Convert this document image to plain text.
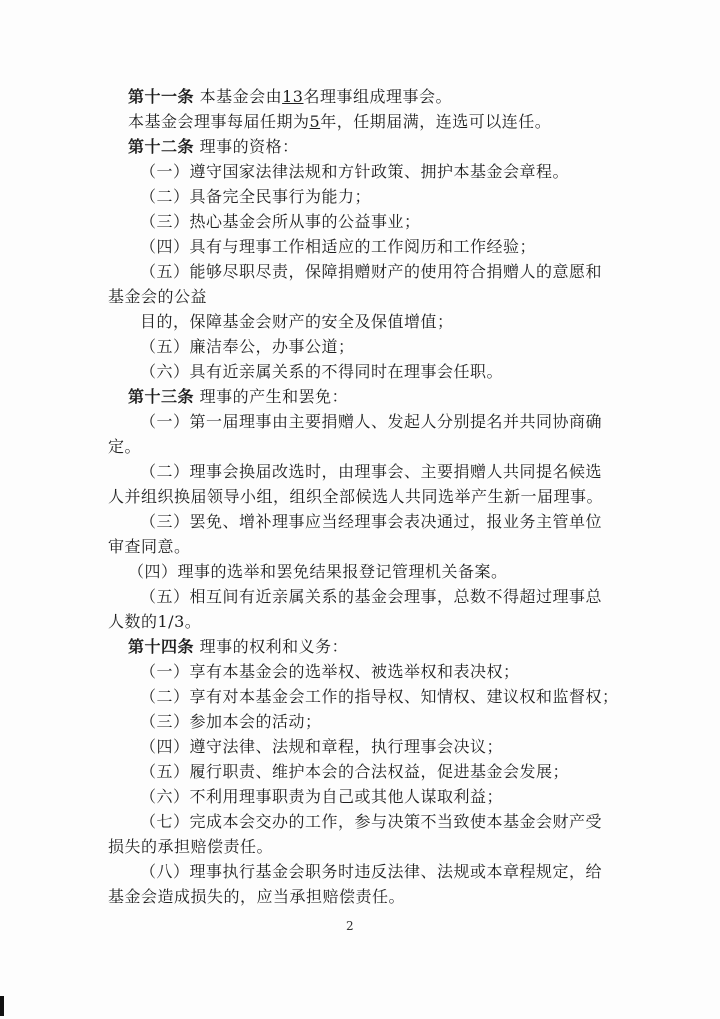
第十一条 本基金会由13名理事组成理事会。
本基金会理事每届任期为5年，任期届满，连选可以连任。
第十二条 理事的资格：
（一）遵守国家法律法规和方针政策、拥护本基金会章程。
（二）具备完全民事行为能力；
（三）热心基金会所从事的公益事业；
（四）具有与理事工作相适应的工作阅历和工作经验；
（五）能够尽职尽责，保障捐赠财产的使用符合捐赠人的意愿和
基金会的公益
目的，保障基金会财产的安全及保值增值；
（五）廉洁奉公，办事公道；
（六）具有近亲属关系的不得同时在理事会任职。
第十三条 理事的产生和罢免：
（一）第一届理事由主要捐赠人、发起人分别提名并共同协商确
定。
（二）理事会换届改选时，由理事会、主要捐赠人共同提名候选
人并组织换届领导小组，组织全部候选人共同选举产生新一届理事。
（三）罢免、增补理事应当经理事会表决通过，报业务主管单位
审查同意。
（四）理事的选举和罢免结果报登记管理机关备案。
（五）相互间有近亲属关系的基金会理事，总数不得超过理事总
人数的1/3。
第十四条 理事的权利和义务：
（一）享有本基金会的选举权、被选举权和表决权；
（二）享有对本基金会工作的指导权、知情权、建议权和监督权；
（三）参加本会的活动；
（四）遵守法律、法规和章程，执行理事会决议；
（五）履行职责、维护本会的合法权益，促进基金会发展；
（六）不利用理事职责为自己或其他人谋取利益；
（七）完成本会交办的工作，参与决策不当致使本基金会财产受
损失的承担赔偿责任。
（八）理事执行基金会职务时违反法律、法规或本章程规定，给
基金会造成损失的，应当承担赔偿责任。
2
